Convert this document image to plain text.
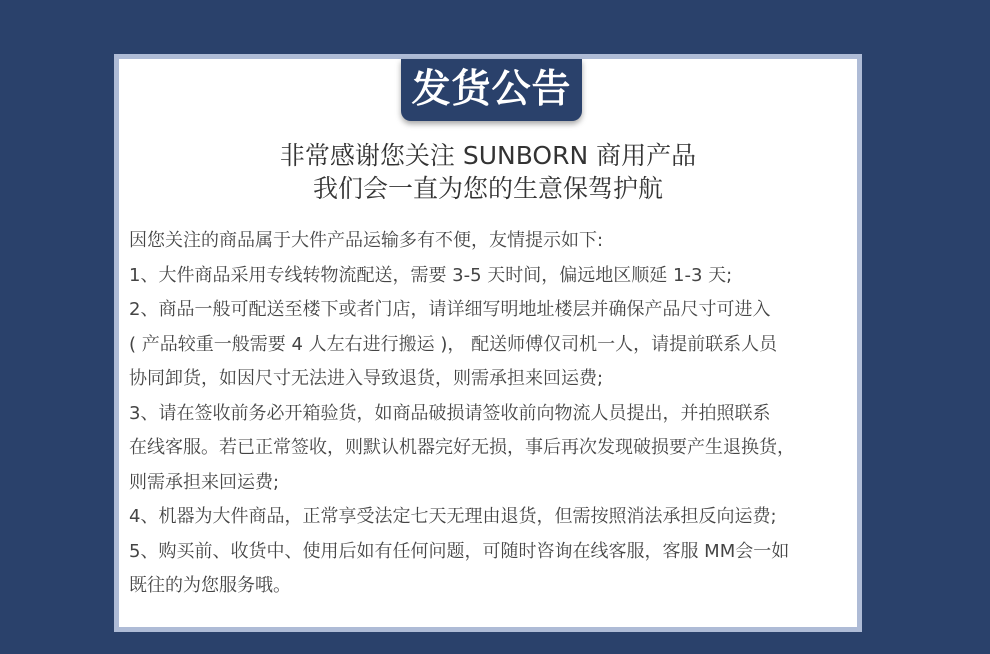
发货公告
非常感谢您关注 SUNBORN 商用产品
我们会一直为您的生意保驾护航
因您关注的商品属于大件产品运输多有不便，友情提示如下:
1、大件商品采用专线转物流配送，需要 3-5 天时间，偏远地区顺延 1-3 天;
2、商品一般可配送至楼下或者门店，请详细写明地址楼层并确保产品尺寸可进入
( 产品较重一般需要 4 人左右进行搬运 )， 配送师傅仅司机一人，请提前联系人员
协同卸货，如因尺寸无法进入导致退货，则需承担来回运费;
3、请在签收前务必开箱验货，如商品破损请签收前向物流人员提出，并拍照联系
在线客服。若已正常签收，则默认机器完好无损，事后再次发现破损要产生退换货，
则需承担来回运费;
4、机器为大件商品，正常享受法定七天无理由退货，但需按照消法承担反向运费;
5、购买前、收货中、使用后如有任何问题，可随时咨询在线客服，客服 MM会一如
既往的为您服务哦。
